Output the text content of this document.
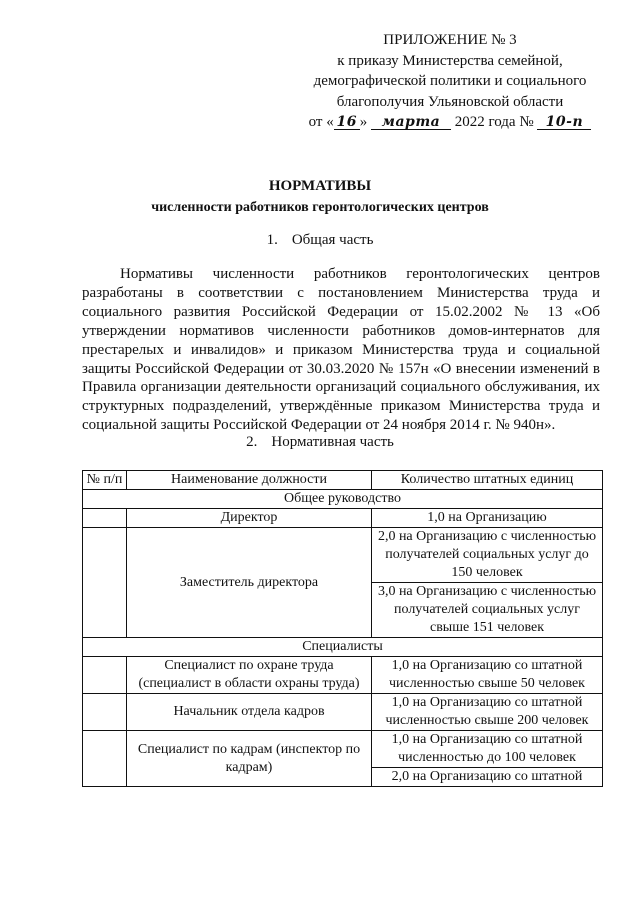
ПРИЛОЖЕНИЕ № 3
к приказу Министерства семейной,
демографической политики и социального
благополучия Ульяновской области
от « 16 » марта 2022 года № 10-п
НОРМАТИВЫ
численности работников геронтологических центров
1. Общая часть

Нормативы численности работников геронтологических центров разработаны в соответствии с постановлением Министерства труда и социального развития Российской Федерации от 15.02.2002 № 13 «Об утверждении нормативов численности работников домов-интернатов для престарелых и инвалидов» и приказом Министерства труда и социальной защиты Российской Федерации от 30.03.2020 № 157н «О внесении изменений в Правила организации деятельности организаций социального обслуживания, их структурных подразделений, утверждённые приказом Министерства труда и социальной защиты Российской Федерации от 24 ноября 2014 г. № 940н».

2. Нормативная часть
№ п/п	Наименование должности	Количество штатных единиц
Общее руководство		
	Директор	1,0 на Организацию
	Заместитель директора	2,0 на Организацию с численностью получателей социальных услуг до 150 человек
		3,0 на Организацию с численностью получателей социальных услуг свыше 151 человек
Специалисты		
	Специалист по охране труда (специалист в области охраны труда)	1,0 на Организацию со штатной численностью свыше 50 человек
	Начальник отдела кадров	1,0 на Организацию со штатной численностью свыше 200 человек
	Специалист по кадрам (инспектор по кадрам)	1,0 на Организацию со штатной численностью до 100 человек
		2,0 на Организацию со штатной
